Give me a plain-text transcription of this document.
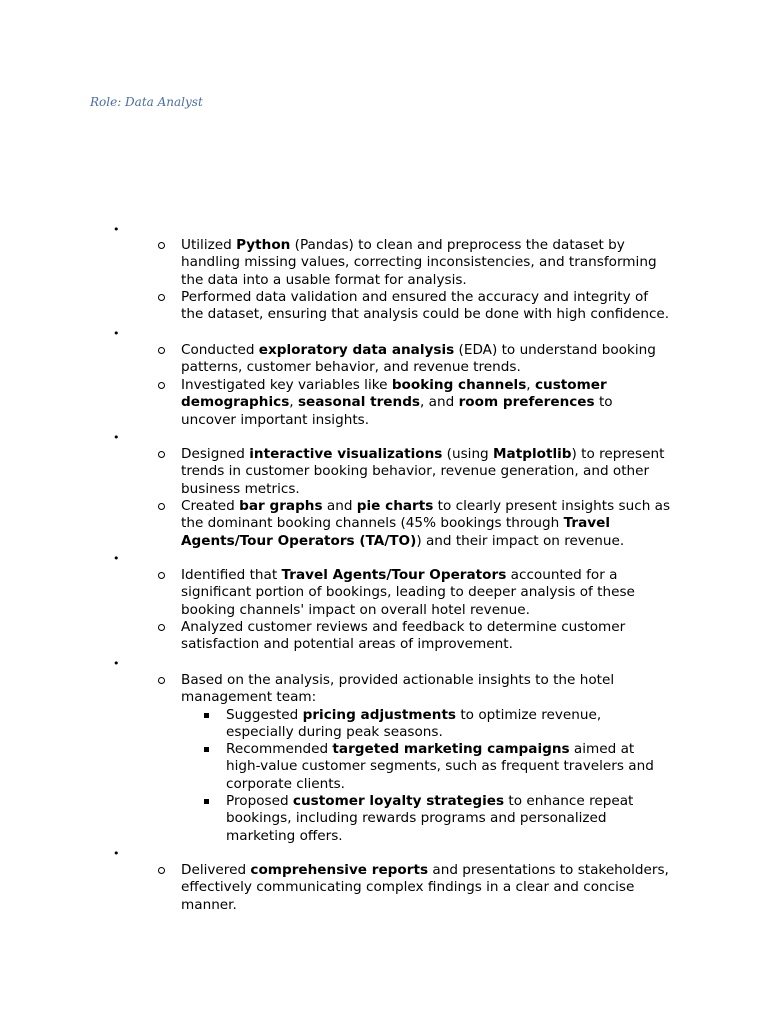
Role: Data Analyst
•
Utilized Python (Pandas) to clean and preprocess the dataset by
handling missing values, correcting inconsistencies, and transforming
the data into a usable format for analysis.
Performed data validation and ensured the accuracy and integrity of
the dataset, ensuring that analysis could be done with high confidence.
•
Conducted exploratory data analysis (EDA) to understand booking
patterns, customer behavior, and revenue trends.
Investigated key variables like booking channels, customer
demographics, seasonal trends, and room preferences to
uncover important insights.
•
Designed interactive visualizations (using Matplotlib) to represent
trends in customer booking behavior, revenue generation, and other
business metrics.
Created bar graphs and pie charts to clearly present insights such as
the dominant booking channels (45% bookings through Travel
Agents/Tour Operators (TA/TO)) and their impact on revenue.
•
Identified that Travel Agents/Tour Operators accounted for a
significant portion of bookings, leading to deeper analysis of these
booking channels' impact on overall hotel revenue.
Analyzed customer reviews and feedback to determine customer
satisfaction and potential areas of improvement.
•
Based on the analysis, provided actionable insights to the hotel
management team:
Suggested pricing adjustments to optimize revenue,
especially during peak seasons.
Recommended targeted marketing campaigns aimed at
high-value customer segments, such as frequent travelers and
corporate clients.
Proposed customer loyalty strategies to enhance repeat
bookings, including rewards programs and personalized
marketing offers.
•
Delivered comprehensive reports and presentations to stakeholders,
effectively communicating complex findings in a clear and concise
manner.
